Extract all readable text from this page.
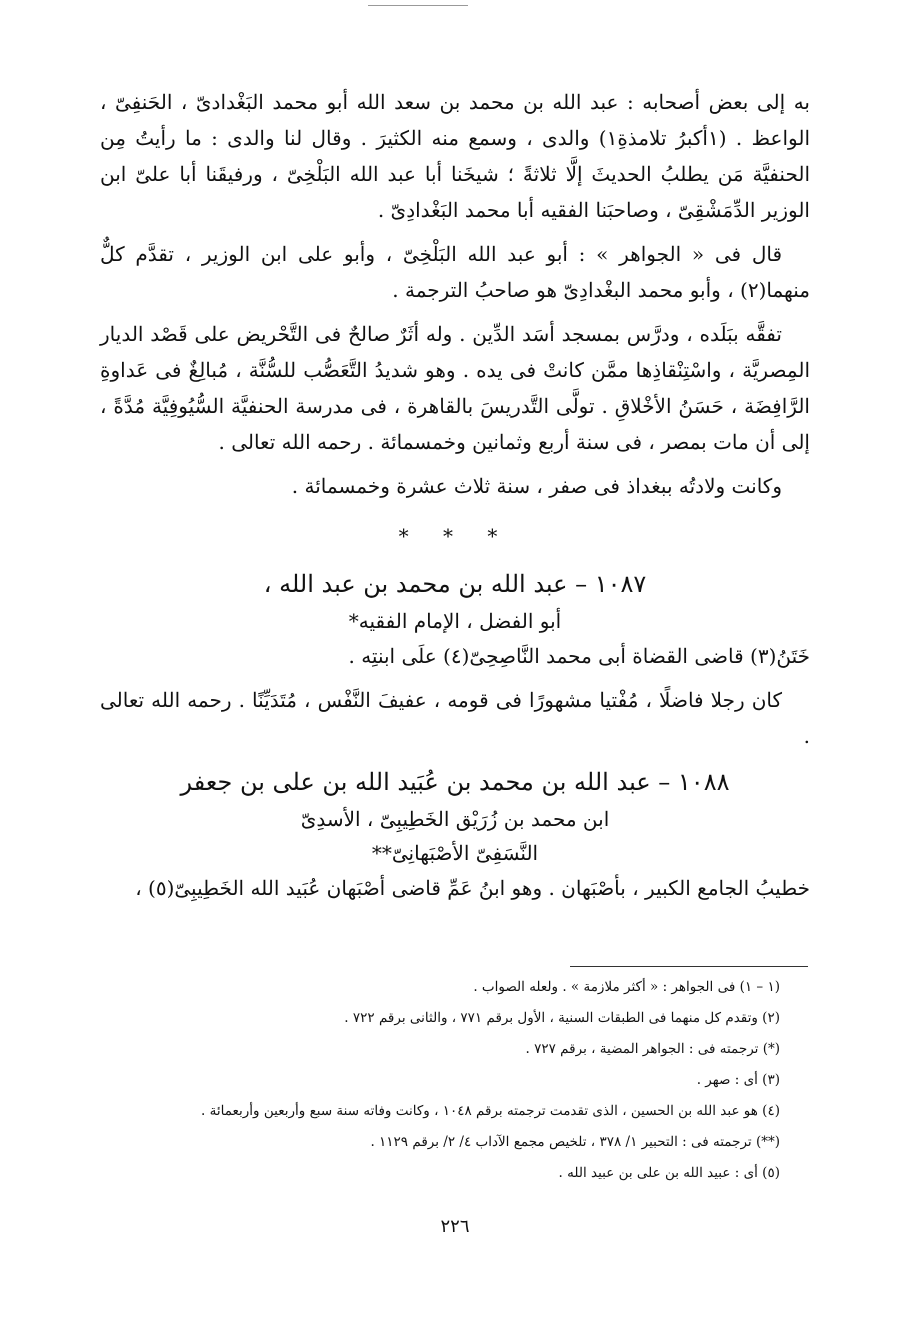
به إلى بعض أصحابه : عبد الله بن محمد بن سعد الله أبو محمد البَغْدادىّ ، الحَنفِىّ ، الواعظ . (١أكبرُ تلامذةِ١) والدى ، وسمع منه الكثيرَ . وقال لنا والدى : ما رأيتُ مِن الحنفيَّة مَن يطلبُ الحديثَ إلَّا ثلاثةً ؛ شيخَنا أبا عبد الله البَلْخِىّ ، ورفيقَنا أبا علىّ ابن الوزير الدِّمَشْقِىّ ، وصاحبَنا الفقيه أبا محمد البَغْدادِىّ .

قال فى « الجواهر » : أبو عبد الله البَلْخِىّ ، وأبو على ابن الوزير ، تقدَّم كلٌّ منهما(٢) ، وأبو محمد البغْدادِىّ هو صاحبُ الترجمة .

تفقَّه ببَلَده ، ودرَّس بمسجد أسَد الدِّين . وله أثَرٌ صالحٌ فى التَّحْريض على قَصْد الديار المِصريَّة ، واسْتِنْقاذِها ممَّن كانتْ فى يده . وهو شديدُ التَّعَصُّب للسُّنَّة ، مُبالِغٌ فى عَداوةِ الرَّافِضَة ، حَسَنُ الأخْلاقِ . تولَّى التَّدريسَ بالقاهرة ، فى مدرسة الحنفيَّة السُّيُوفِيَّة مُدَّةً ، إلى أن مات بمصر ، فى سنة أربع وثمانين وخمسمائة . رحمه الله تعالى .

وكانت ولادتُه ببغداذ فى صفر ، سنة ثلاث عشرة وخمسمائة .

* * *
١٠٨٧ – عبد الله بن محمد بن عبد الله ،
أبو الفضل ، الإمام الفقيه*

خَتَنُ(٣) قاضى القضاة أبى محمد النَّاصِحِىّ(٤) علَى ابنتِه .

كان رجلا فاضلًا ، مُفْتيا مشهورًا فى قومه ، عفيفَ النَّفْس ، مُتَدَيِّنًا . رحمه الله تعالى .

١٠٨٨ – عبد الله بن محمد بن عُبَيد الله بن على بن جعفر
ابن محمد بن زُرَيْق الخَطِيبِىّ ، الأسدِىّ
النَّسَفِىّ الأصْبَهانِىّ**

خطيبُ الجامع الكبير ، بأصْبَهان . وهو ابنُ عَمِّ قاضى أصْبَهان عُبَيد الله الخَطِيبِىّ(٥) ،

(١ – ١) فى الجواهر : « أكثر ملازمة » . ولعله الصواب .
(٢) وتقدم كل منهما فى الطبقات السنية ، الأول برقم ٧٧١ ، والثانى برقم ٧٢٢ .
(*) ترجمته فى : الجواهر المضية ، برقم ٧٢٧ .
(٣) أى : صهر .
(٤) هو عبد الله بن الحسين ، الذى تقدمت ترجمته برقم ١٠٤٨ ، وكانت وفاته سنة سبع وأربعين وأربعمائة .
(**) ترجمته فى : التحبير ١/ ٣٧٨ ، تلخيص مجمع الآداب ٤/ ٢/ برقم ١١٢٩ .
(٥) أى : عبيد الله بن على بن عبيد الله .
٢٢٦
